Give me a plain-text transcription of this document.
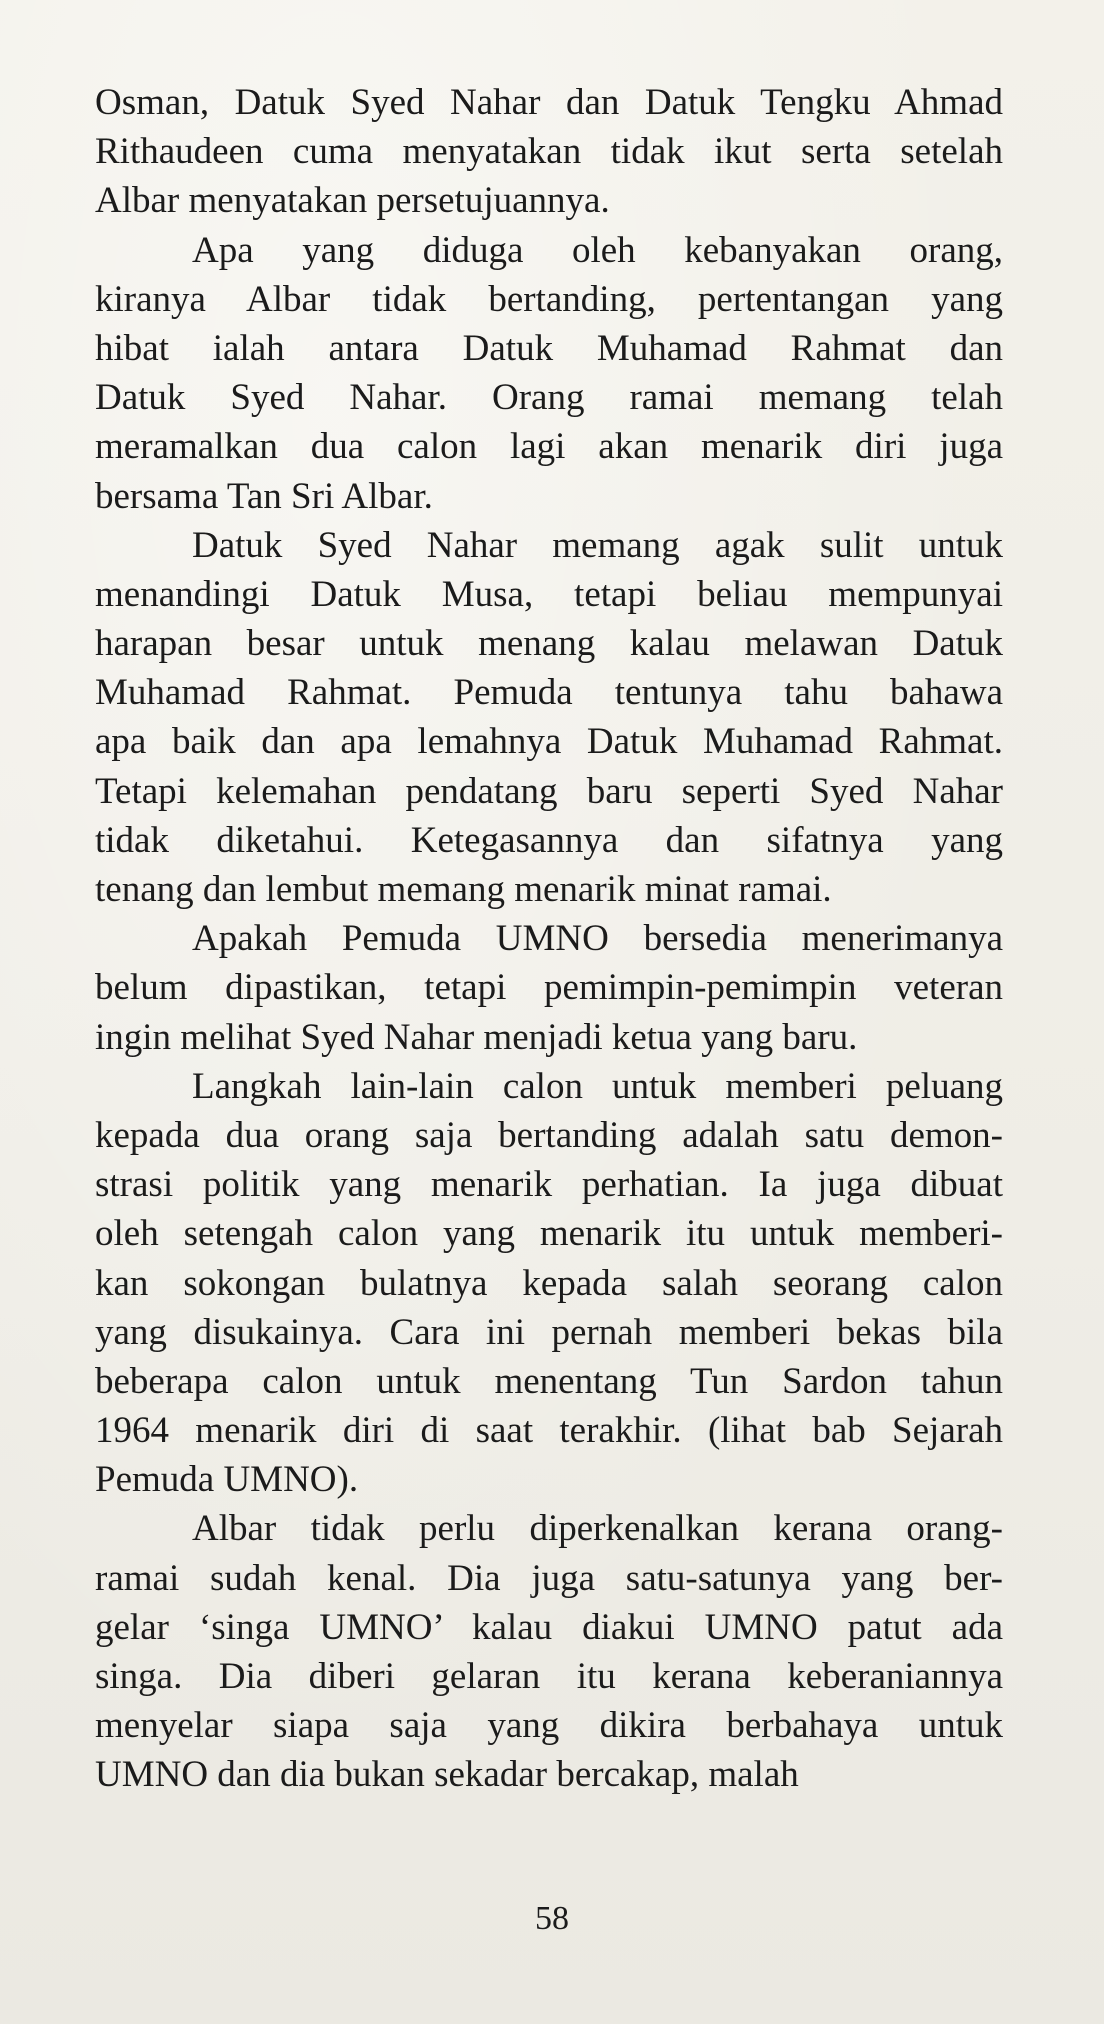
Osman, Datuk Syed Nahar dan Datuk Tengku Ahmad
Rithaudeen cuma menyatakan tidak ikut serta setelah
Albar menyatakan persetujuannya.
Apa yang diduga oleh kebanyakan orang,
kiranya Albar tidak bertanding, pertentangan yang
hibat ialah antara Datuk Muhamad Rahmat dan
Datuk Syed Nahar. Orang ramai memang telah
meramalkan dua calon lagi akan menarik diri juga
bersama Tan Sri Albar.
Datuk Syed Nahar memang agak sulit untuk
menandingi Datuk Musa, tetapi beliau mempunyai
harapan besar untuk menang kalau melawan Datuk
Muhamad Rahmat. Pemuda tentunya tahu bahawa
apa baik dan apa lemahnya Datuk Muhamad Rahmat.
Tetapi kelemahan pendatang baru seperti Syed Nahar
tidak diketahui. Ketegasannya dan sifatnya yang
tenang dan lembut memang menarik minat ramai.
Apakah Pemuda UMNO bersedia menerimanya
belum dipastikan, tetapi pemimpin-pemimpin veteran
ingin melihat Syed Nahar menjadi ketua yang baru.
Langkah lain-lain calon untuk memberi peluang
kepada dua orang saja bertanding adalah satu demon-
strasi politik yang menarik perhatian. Ia juga dibuat
oleh setengah calon yang menarik itu untuk memberi-
kan sokongan bulatnya kepada salah seorang calon
yang disukainya. Cara ini pernah memberi bekas bila
beberapa calon untuk menentang Tun Sardon tahun
1964 menarik diri di saat terakhir. (lihat bab Sejarah
Pemuda UMNO).
Albar tidak perlu diperkenalkan kerana orang-
ramai sudah kenal. Dia juga satu-satunya yang ber-
gelar ‘singa UMNO’ kalau diakui UMNO patut ada
singa. Dia diberi gelaran itu kerana keberaniannya
menyelar siapa saja yang dikira berbahaya untuk
UMNO dan dia bukan sekadar bercakap, malah
58
